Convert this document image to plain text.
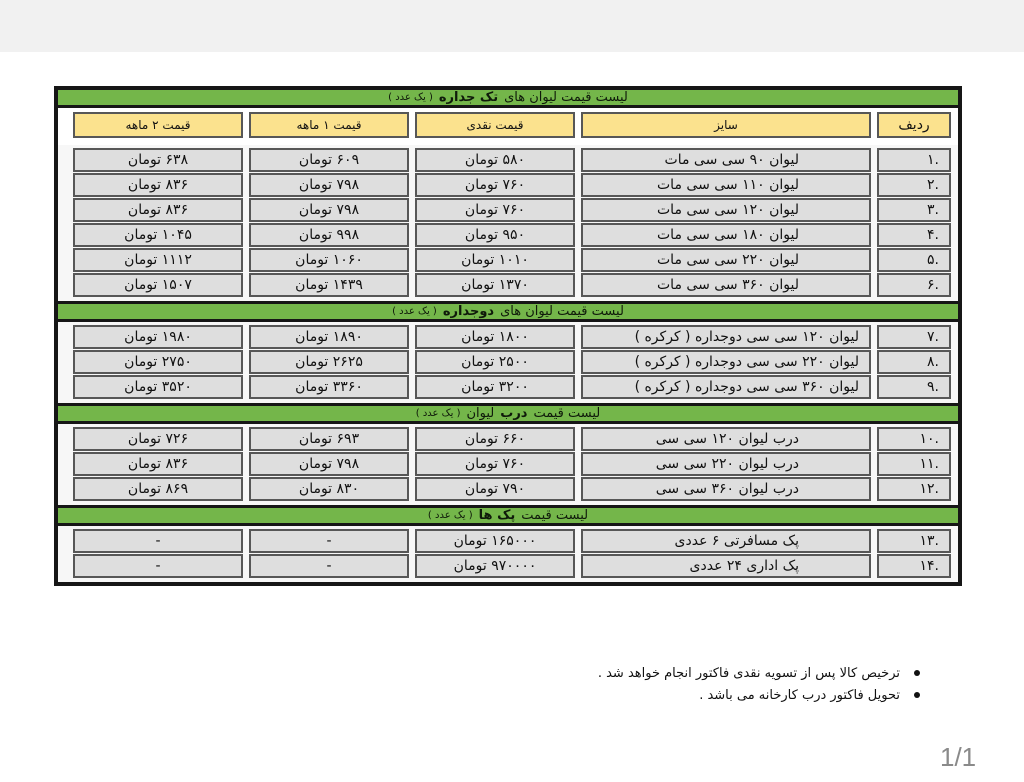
لیست قیمت لیوان های
تک جداره
( یک عدد )
ردیف
سایز
قیمت نقدی
قیمت ۱ ماهه
قیمت ۲ ماهه
.۱
لیوان ۹۰ سی سی مات
۵۸۰ تومان
۶۰۹ تومان
۶۳۸ تومان
.۲
لیوان ۱۱۰ سی سی مات
۷۶۰ تومان
۷۹۸ تومان
۸۳۶ تومان
.۳
لیوان ۱۲۰ سی سی مات
۷۶۰ تومان
۷۹۸ تومان
۸۳۶ تومان
.۴
لیوان ۱۸۰ سی سی مات
۹۵۰ تومان
۹۹۸ تومان
۱۰۴۵ تومان
.۵
لیوان ۲۲۰ سی سی مات
۱۰۱۰ تومان
۱۰۶۰ تومان
۱۱۱۲ تومان
.۶
لیوان ۳۶۰ سی سی مات
۱۳۷۰ تومان
۱۴۳۹ تومان
۱۵۰۷ تومان
لیست قیمت لیوان های
دوجداره
( یک عدد )
.۷
لیوان ۱۲۰ سی سی دوجداره ( کرکره )
۱۸۰۰ تومان
۱۸۹۰ تومان
۱۹۸۰ تومان
.۸
لیوان ۲۲۰ سی سی دوجداره ( کرکره )
۲۵۰۰ تومان
۲۶۲۵ تومان
۲۷۵۰ تومان
.۹
لیوان ۳۶۰ سی سی دوجداره ( کرکره )
۳۲۰۰ تومان
۳۳۶۰ تومان
۳۵۲۰ تومان
لیست قیمت
درب
لیوان
( یک عدد )
.۱۰
درب لیوان ۱۲۰ سی سی
۶۶۰ تومان
۶۹۳ تومان
۷۲۶ تومان
.۱۱
درب لیوان ۲۲۰ سی سی
۷۶۰ تومان
۷۹۸ تومان
۸۳۶ تومان
.۱۲
درب لیوان ۳۶۰ سی سی
۷۹۰ تومان
۸۳۰ تومان
۸۶۹ تومان
لیست قیمت
پک ها
( یک عدد )
.۱۳
پک مسافرتی ۶ عددی
۱۶۵۰۰۰ تومان
-
-
.۱۴
پک اداری ۲۴ عددی
۹۷۰۰۰۰ تومان
-
-
ترخیص کالا پس از تسویه نقدی فاکتور انجام خواهد شد .
تحویل فاکتور درب کارخانه می باشد .
1/1
